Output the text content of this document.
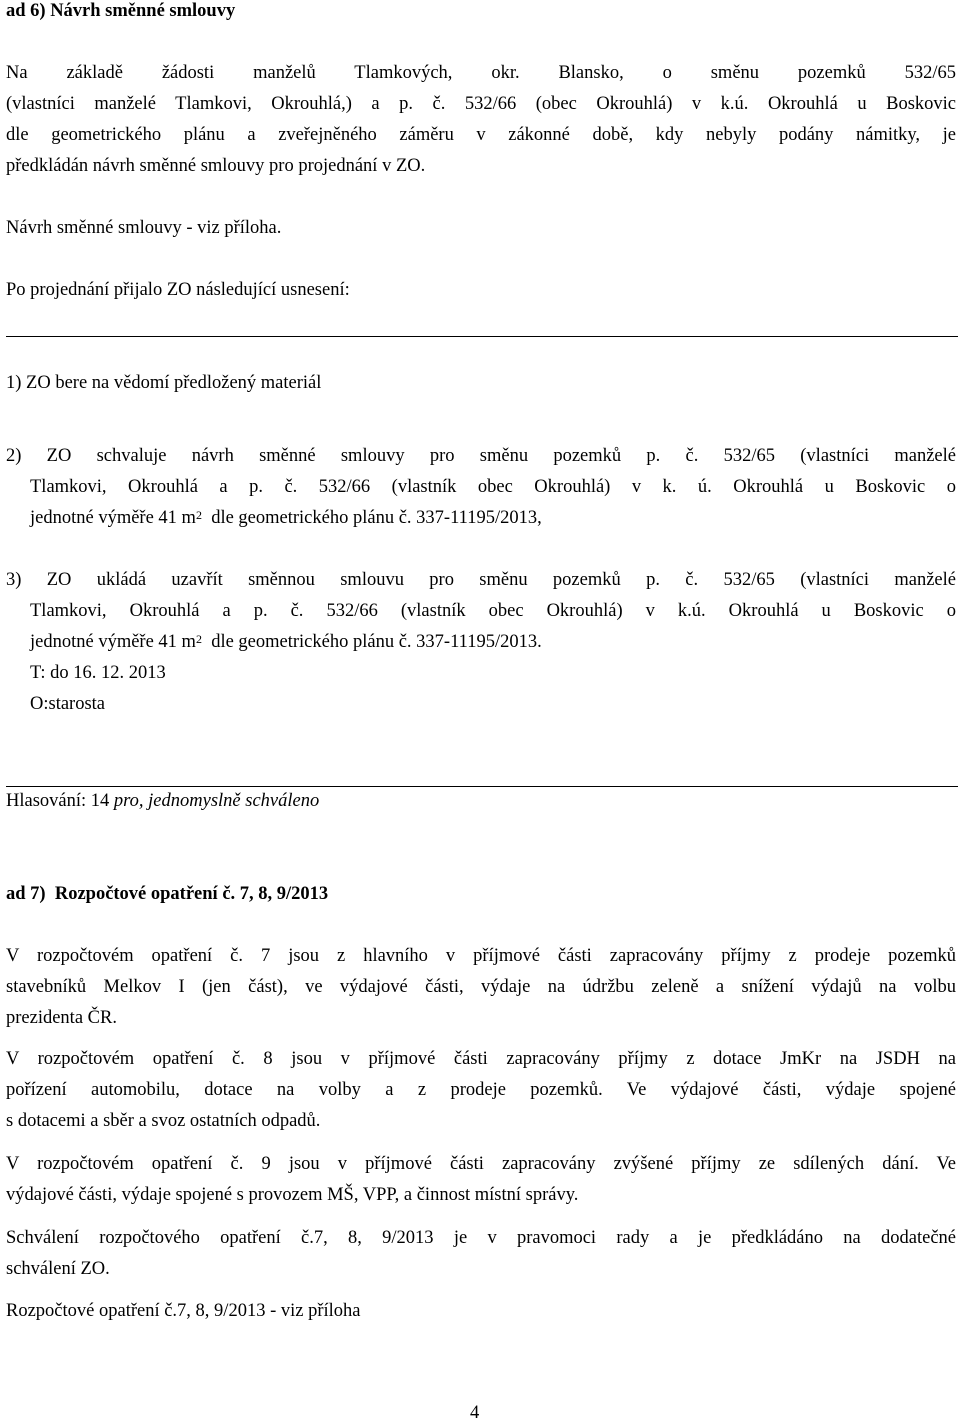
ad 6) Návrh směnné smlouvy
Na základě žádosti manželů Tlamkových, okr. Blansko, o směnu pozemků 532/65
(vlastníci manželé Tlamkovi, Okrouhlá,) a p. č. 532/66 (obec Okrouhlá) v k.ú. Okrouhlá u Boskovic
dle geometrického plánu a zveřejněného záměru v zákonné době, kdy nebyly podány námitky, je
předkládán návrh směnné smlouvy pro projednání v ZO.
Návrh směnné smlouvy - viz příloha.
Po projednání přijalo ZO následující usnesení:
1) ZO bere na vědomí předložený materiál
2) ZO schvaluje návrh směnné smlouvy pro směnu pozemků p. č. 532/65 (vlastníci manželé
Tlamkovi, Okrouhlá a p. č. 532/66 (vlastník obec Okrouhlá) v k. ú. Okrouhlá u Boskovic o
jednotné výměře 41 $m^2$  dle geometrického plánu č. 337-11195/2013,
3) ZO ukládá uzavřít směnnou smlouvu pro směnu pozemků p. č. 532/65 (vlastníci manželé
Tlamkovi, Okrouhlá a p. č. 532/66 (vlastník obec Okrouhlá) v k.ú. Okrouhlá u Boskovic o
jednotné výměře 41 $m^2$  dle geometrického plánu č. 337-11195/2013.
T: do 16. 12. 2013
O:starosta
Hlasování: 14 pro, jednomyslně schváleno
ad 7)  Rozpočtové opatření č. 7, 8, 9/2013
V rozpočtovém opatření č. 7 jsou z hlavního v příjmové části zapracovány příjmy z prodeje pozemků
stavebníků Melkov I (jen část), ve výdajové části, výdaje na údržbu zeleně a snížení výdajů na volbu
prezidenta ČR.
V rozpočtovém opatření č. 8 jsou v příjmové části zapracovány příjmy z dotace JmKr na JSDH na
pořízení automobilu, dotace na volby a z prodeje pozemků. Ve výdajové části, výdaje spojené
s dotacemi a sběr a svoz ostatních odpadů.
V rozpočtovém opatření č. 9 jsou v příjmové části zapracovány zvýšené příjmy ze sdílených dání. Ve
výdajové části, výdaje spojené s provozem MŠ, VPP, a činnost místní správy.
Schválení rozpočtového opatření č.7, 8, 9/2013 je v pravomoci rady a je předkládáno na dodatečné
schválení ZO.
Rozpočtové opatření č.7, 8, 9/2013 - viz příloha
4
